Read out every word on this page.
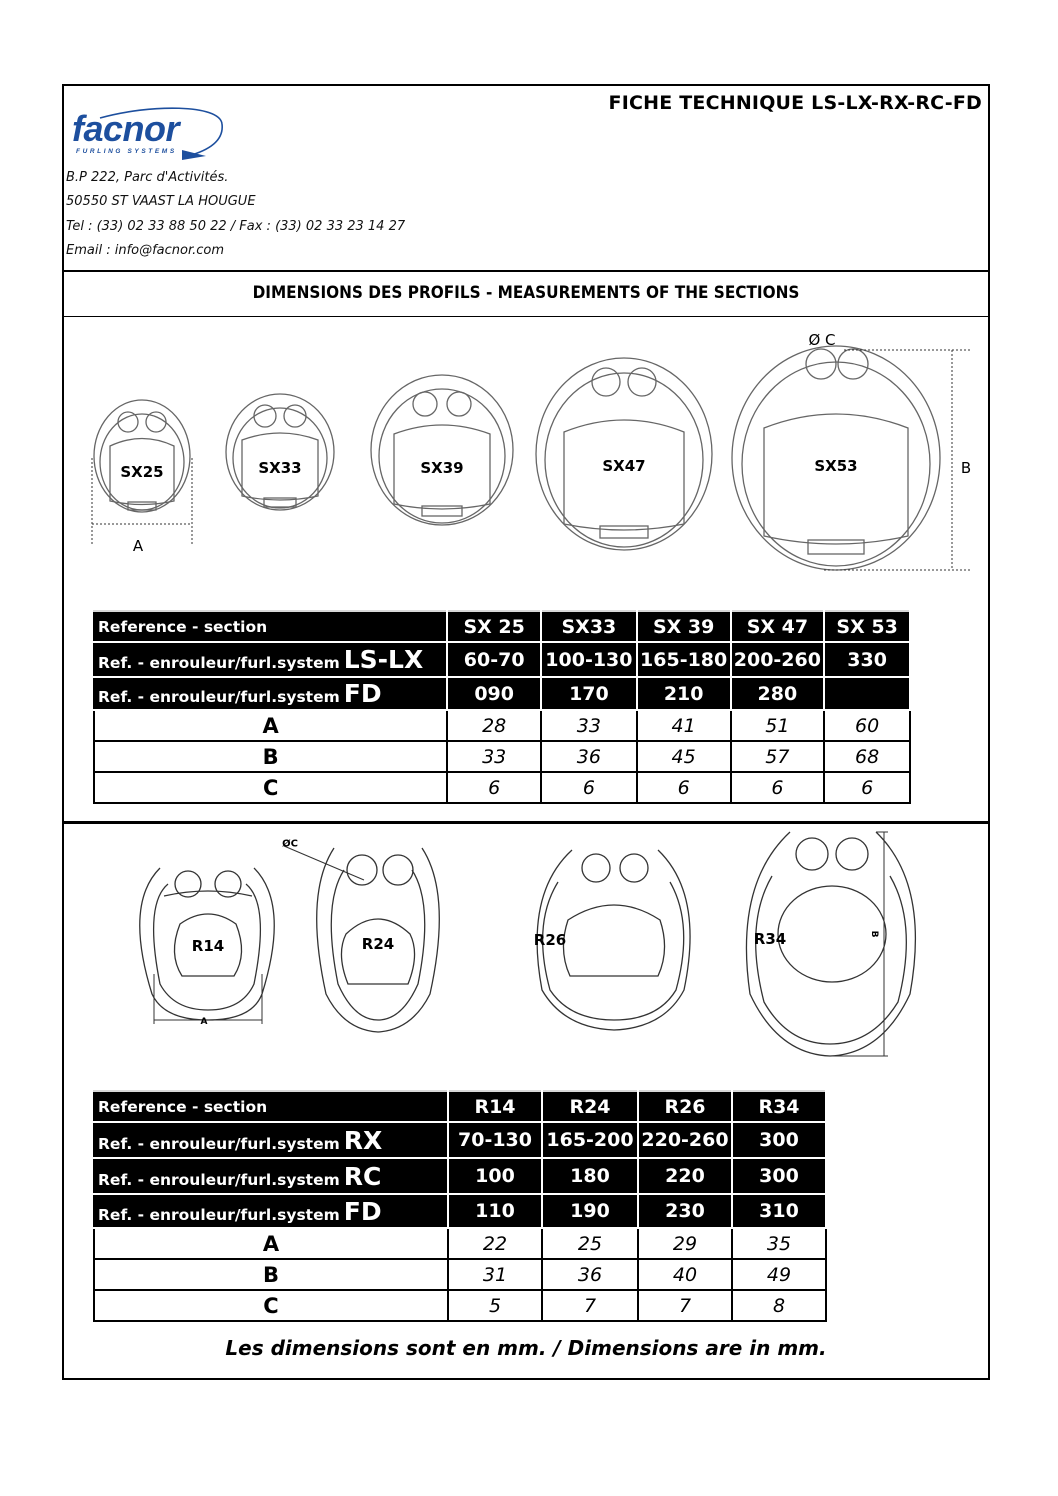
FICHE TECHNIQUE LS-LX-RX-RC-FD
facnor
FURLING SYSTEMS
B.P 222, Parc d'Activités.
50550 ST VAAST LA HOUGUE
Tel : (33) 02 33 88 50 22 / Fax : (33) 02 33 23 14 27
Email : info@facnor.com
DIMENSIONS DES PROFILS - MEASUREMENTS OF THE SECTIONS
SX25	SX33	SX39	SX47	SX53
A
B
Ø C
Reference - section	SX 25	SX33	SX 39	SX 47	SX 53
Ref. - enrouleur/furl.system LS-LX	60-70	100-130	165-180	200-260	330
Ref. - enrouleur/furl.system FD	090	170	210	280	
A	28	33	41	51	60
B	33	36	45	57	68
C	6	6	6	6	6
R14	R24	R26	R34
A
B
ØC
Reference - section	R14	R24	R26	R34
Ref. - enrouleur/furl.system RX	70-130	165-200	220-260	300
Ref. - enrouleur/furl.system RC	100	180	220	300
Ref. - enrouleur/furl.system FD	110	190	230	310
A	22	25	29	35
B	31	36	40	49
C	5	7	7	8
Les dimensions sont en mm. / Dimensions are in mm.
